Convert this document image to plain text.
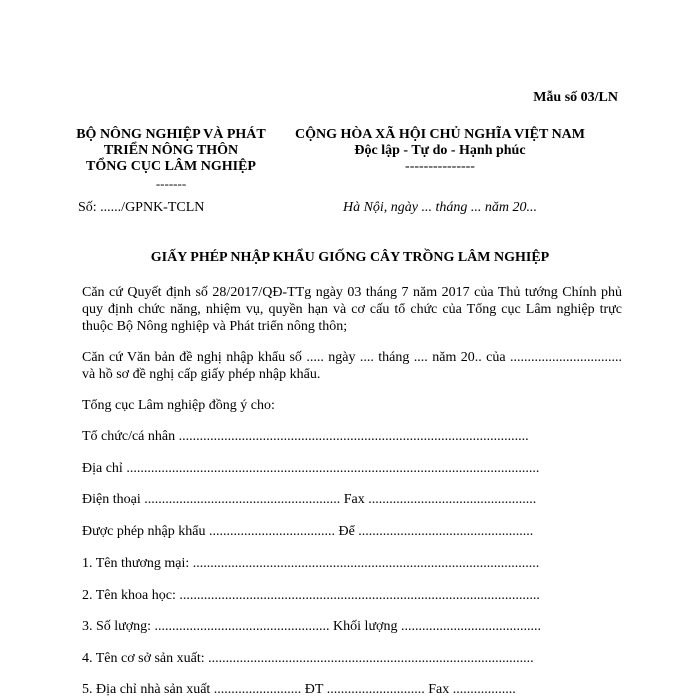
Mẫu số 03/LN
BỘ NÔNG NGHIỆP VÀ PHÁT TRIỂN NÔNG THÔN
TỔNG CỤC LÂM NGHIỆP
CỘNG HÒA XÃ HỘI CHỦ NGHĨA VIỆT NAM
Độc lập - Tự do - Hạnh phúc
---------------
-------
Số: ....../GPNK-TCLN	Hà Nội, ngày ... tháng ... năm 20...
GIẤY PHÉP NHẬP KHẨU GIỐNG CÂY TRỒNG LÂM NGHIỆP
Căn cứ Quyết định số 28/2017/QĐ-TTg ngày 03 tháng 7 năm 2017 của Thủ tướng Chính phủ quy định chức năng, nhiệm vụ, quyền hạn và cơ cấu tổ chức của Tổng cục Lâm nghiệp trực thuộc Bộ Nông nghiệp và Phát triển nông thôn;
Căn cứ Văn bản đề nghị nhập khẩu số ..... ngày .... tháng .... năm 20.. của ................................ và hồ sơ đề nghị cấp giấy phép nhập khẩu.
Tổng cục Lâm nghiệp đồng ý cho:
Tổ chức/cá nhân ....................................................................................................
Địa chỉ ......................................................................................................................
Điện thoại ........................................................ Fax ................................................
Được phép nhập khẩu .................................... Để ..................................................
1. Tên thương mại: ...................................................................................................
2. Tên khoa học: .......................................................................................................
3. Số lượng: .................................................. Khối lượng ........................................
4. Tên cơ sở sản xuất: .............................................................................................
5. Địa chỉ nhà sản xuất ......................... ĐT ............................ Fax ..................
